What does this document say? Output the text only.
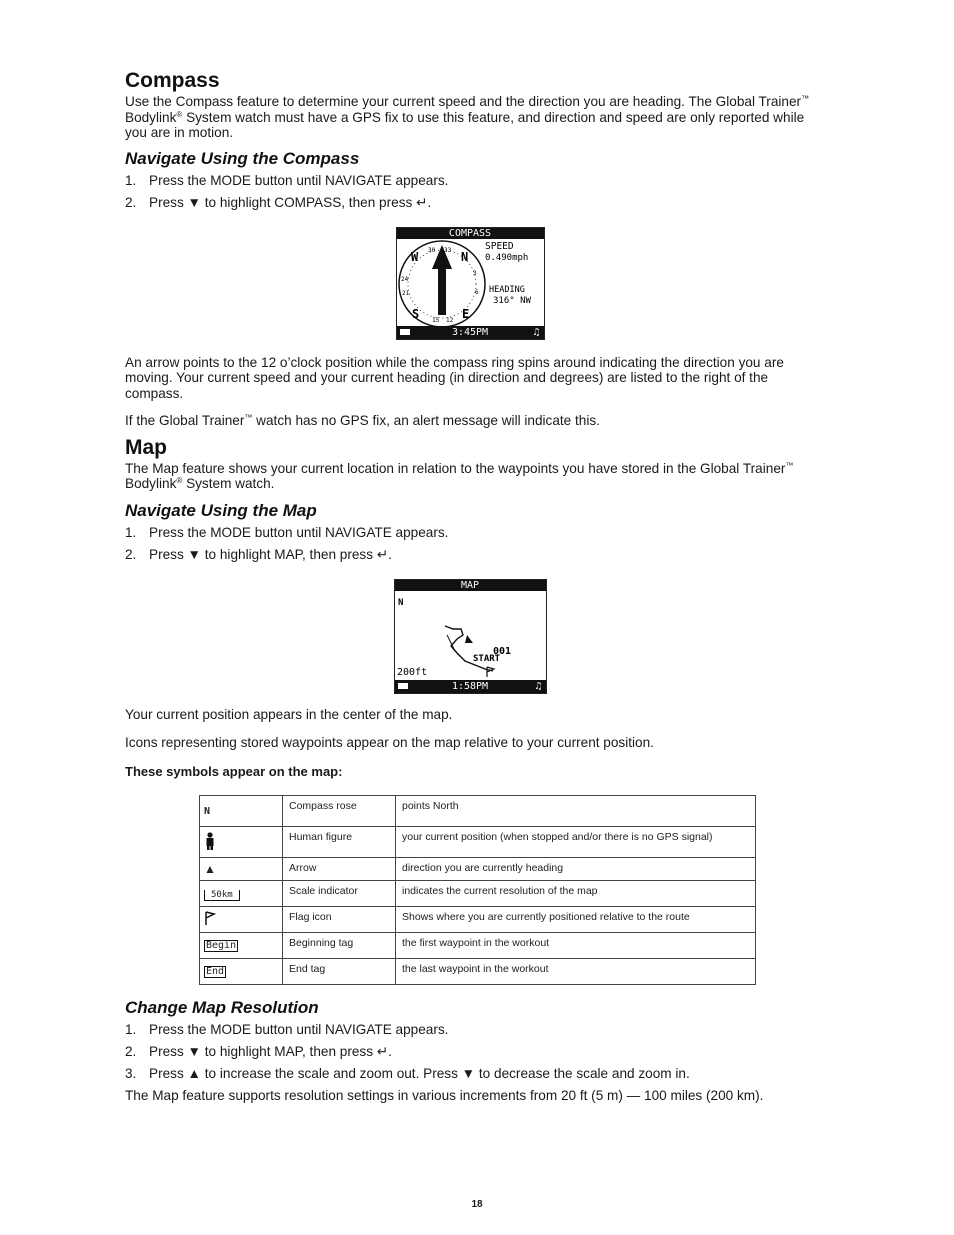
Compass

Use the Compass feature to determine your current speed and the direction you are heading. The Global Trainer™ Bodylink® System watch must have a GPS fix to use this feature, and direction and speed are only reported while you are in motion.

Navigate Using the Compass
1. Press the MODE button until NAVIGATE appears.
2. Press ▼ to highlight COMPASS, then press ↵.
COMPASS
W	N
S	E
30 33
3
24
6
21
15 12
SPEED
0.490mph
HEADING
316° NW
3:45PM	♫

An arrow points to the 12 o’clock position while the compass ring spins around indicating the direction you are moving. Your current speed and your current heading (in direction and degrees) are listed to the right of the compass.

If the Global Trainer™ watch has no GPS fix, an alert message will indicate this.

Map

The Map feature shows your current location in relation to the waypoints you have stored in the Global Trainer™ Bodylink® System watch.

Navigate Using the Map
1. Press the MODE button until NAVIGATE appears.
2. Press ▼ to highlight MAP, then press ↵.
MAP
N
START
001
200ft
1:58PM	♫

Your current position appears in the center of the map.

Icons representing stored waypoints appear on the map relative to your current position.

These symbols appear on the map:

N	Compass rose	points North
	Human figure	your current position (when stopped and/or there is no GPS signal)
▲	Arrow	direction you are currently heading
50km	Scale indicator	indicates the current resolution of the map
	Flag icon	Shows where you are currently positioned relative to the route
Begin	Beginning tag	the first waypoint in the workout
End	End tag	the last waypoint in the workout
Change Map Resolution
1. Press the MODE button until NAVIGATE appears.
2. Press ▼ to highlight MAP, then press ↵.
3. Press ▲ to increase the scale and zoom out. Press ▼ to decrease the scale and zoom in.

The Map feature supports resolution settings in various increments from 20 ft (5 m) — 100 miles (200 km).

18
